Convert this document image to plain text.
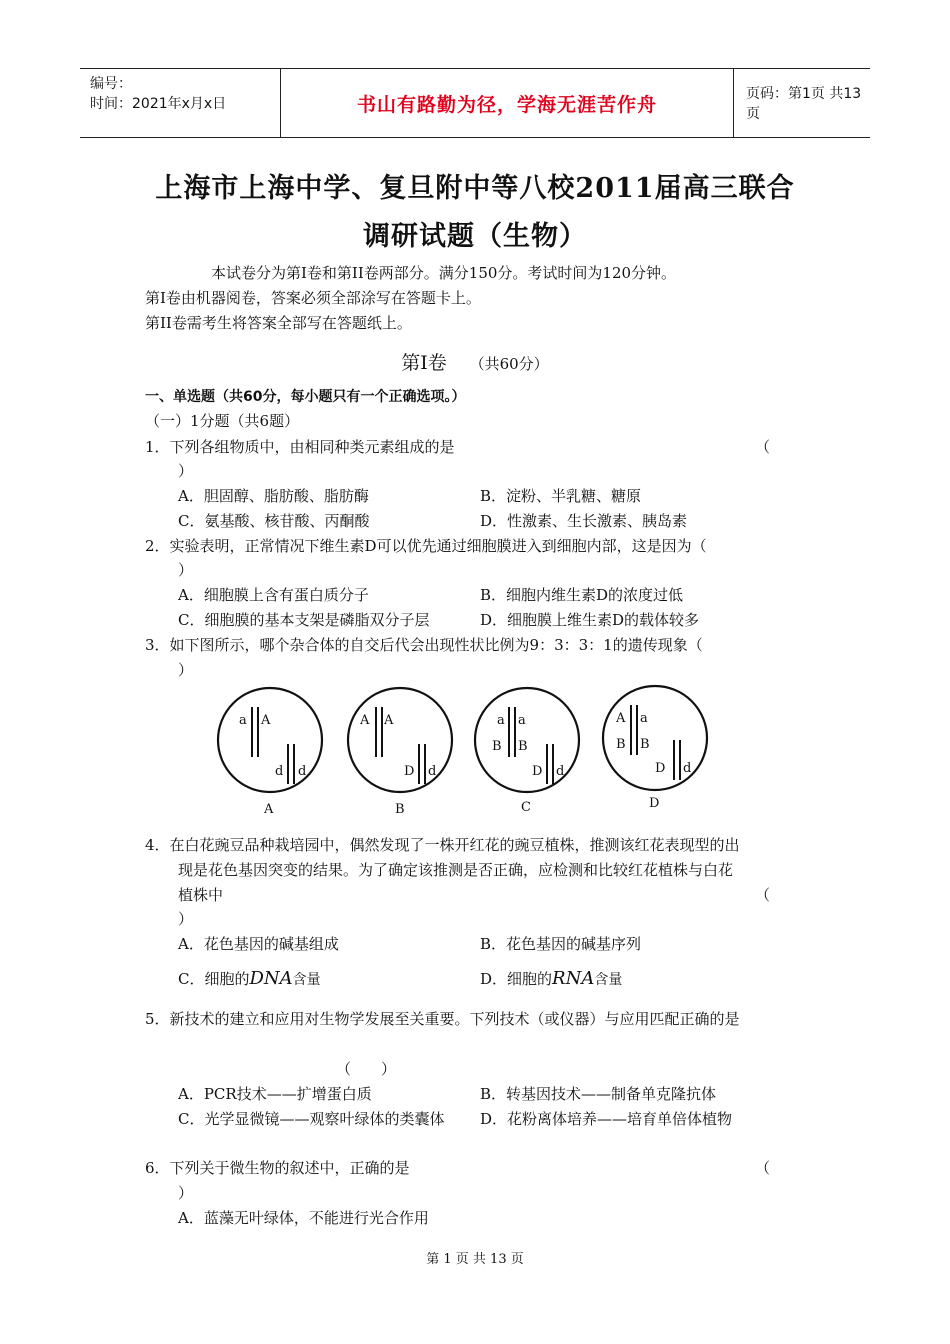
编号：
时间：2021年x月x日	书山有路勤为径，学海无涯苦作舟	页码：第1页 共13页
上海市上海中学、复旦附中等八校2011届高三联合
调研试题（生物）
本试卷分为第I卷和第II卷两部分。满分150分。考试时间为120分钟。
第I卷由机器阅卷，答案必须全部涂写在答题卡上。
第II卷需考生将答案全部写在答题纸上。
第I卷 （共60分）
一、单选题（共60分，每小题只有一个正确选项。）
（一）1分题（共6题）
1．下列各组物质中，由相同种类元素组成的是	（
）
A．胆固醇、脂肪酸、脂肪酶	B．淀粉、半乳糖、糖原
C．氨基酸、核苷酸、丙酮酸	D．性激素、生长激素、胰岛素
2．实验表明，正常情况下维生素D可以优先通过细胞膜进入到细胞内部，这是因为（
）
A．细胞膜上含有蛋白质分子	B．细胞内维生素D的浓度过低
C．细胞膜的基本支架是磷脂双分子层	D．细胞膜上维生素D的载体较多
3．如下图所示，哪个杂合体的自交后代会出现性状比例为9：3：3：1的遗传现象（
）
a A
d d
A
A A
D d
B
a a
B B
D d
C
A a
B B
D d
D
4．在白花豌豆品种栽培园中，偶然发现了一株开红花的豌豆植株，推测该红花表现型的出
现是花色基因突变的结果。为了确定该推测是否正确，应检测和比较红花植株与白花
植株中	（
）
A．花色基因的碱基组成	B．花色基因的碱基序列
C．细胞的DNA含量	D．细胞的RNA含量
5．新技术的建立和应用对生物学发展至关重要。下列技术（或仪器）与应用匹配正确的是
（　　）
A．PCR技术——扩增蛋白质	B．转基因技术——制备单克隆抗体
C．光学显微镜——观察叶绿体的类囊体 D．花粉离体培养——培育单倍体植物
6．下列关于微生物的叙述中，正确的是	（
）
A．蓝藻无叶绿体，不能进行光合作用
第 1 页 共 13 页
